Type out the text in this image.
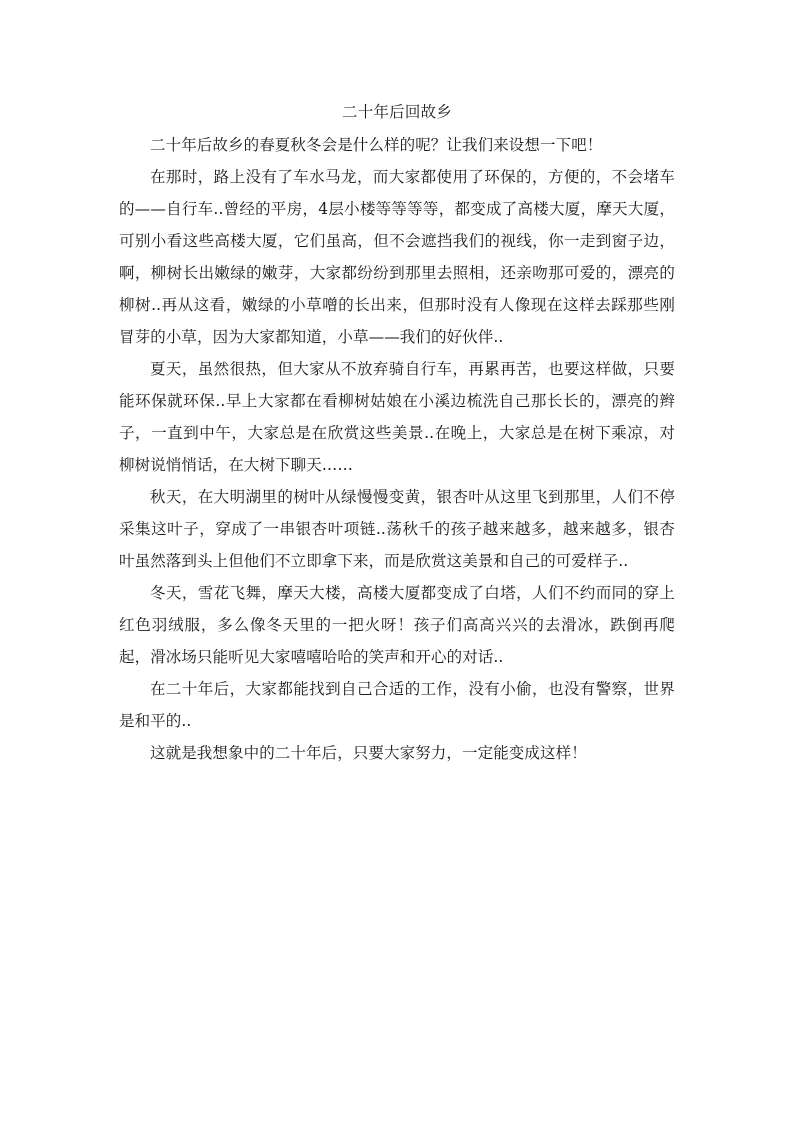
二十年后回故乡

二十年后故乡的春夏秋冬会是什么样的呢？让我们来设想一下吧！

在那时，路上没有了车水马龙，而大家都使用了环保的，方便的，不会堵车的——自行车..曾经的平房，4层小楼等等等等，都变成了高楼大厦，摩天大厦，可别小看这些高楼大厦，它们虽高，但不会遮挡我们的视线，你一走到窗子边，啊，柳树长出嫩绿的嫩芽，大家都纷纷到那里去照相，还亲吻那可爱的，漂亮的柳树..再从这看，嫩绿的小草噌的长出来，但那时没有人像现在这样去踩那些刚冒芽的小草，因为大家都知道，小草——我们的好伙伴..

夏天，虽然很热，但大家从不放弃骑自行车，再累再苦，也要这样做，只要能环保就环保..早上大家都在看柳树姑娘在小溪边梳洗自己那长长的，漂亮的辫子，一直到中午，大家总是在欣赏这些美景..在晚上，大家总是在树下乘凉，对柳树说悄悄话，在大树下聊天……

秋天，在大明湖里的树叶从绿慢慢变黄，银杏叶从这里飞到那里，人们不停采集这叶子，穿成了一串银杏叶项链..荡秋千的孩子越来越多，越来越多，银杏叶虽然落到头上但他们不立即拿下来，而是欣赏这美景和自己的可爱样子..

冬天，雪花飞舞，摩天大楼，高楼大厦都变成了白塔，人们不约而同的穿上红色羽绒服，多么像冬天里的一把火呀！孩子们高高兴兴的去滑冰，跌倒再爬起，滑冰场只能听见大家嘻嘻哈哈的笑声和开心的对话..

在二十年后，大家都能找到自己合适的工作，没有小偷，也没有警察，世界是和平的..

这就是我想象中的二十年后，只要大家努力，一定能变成这样！
